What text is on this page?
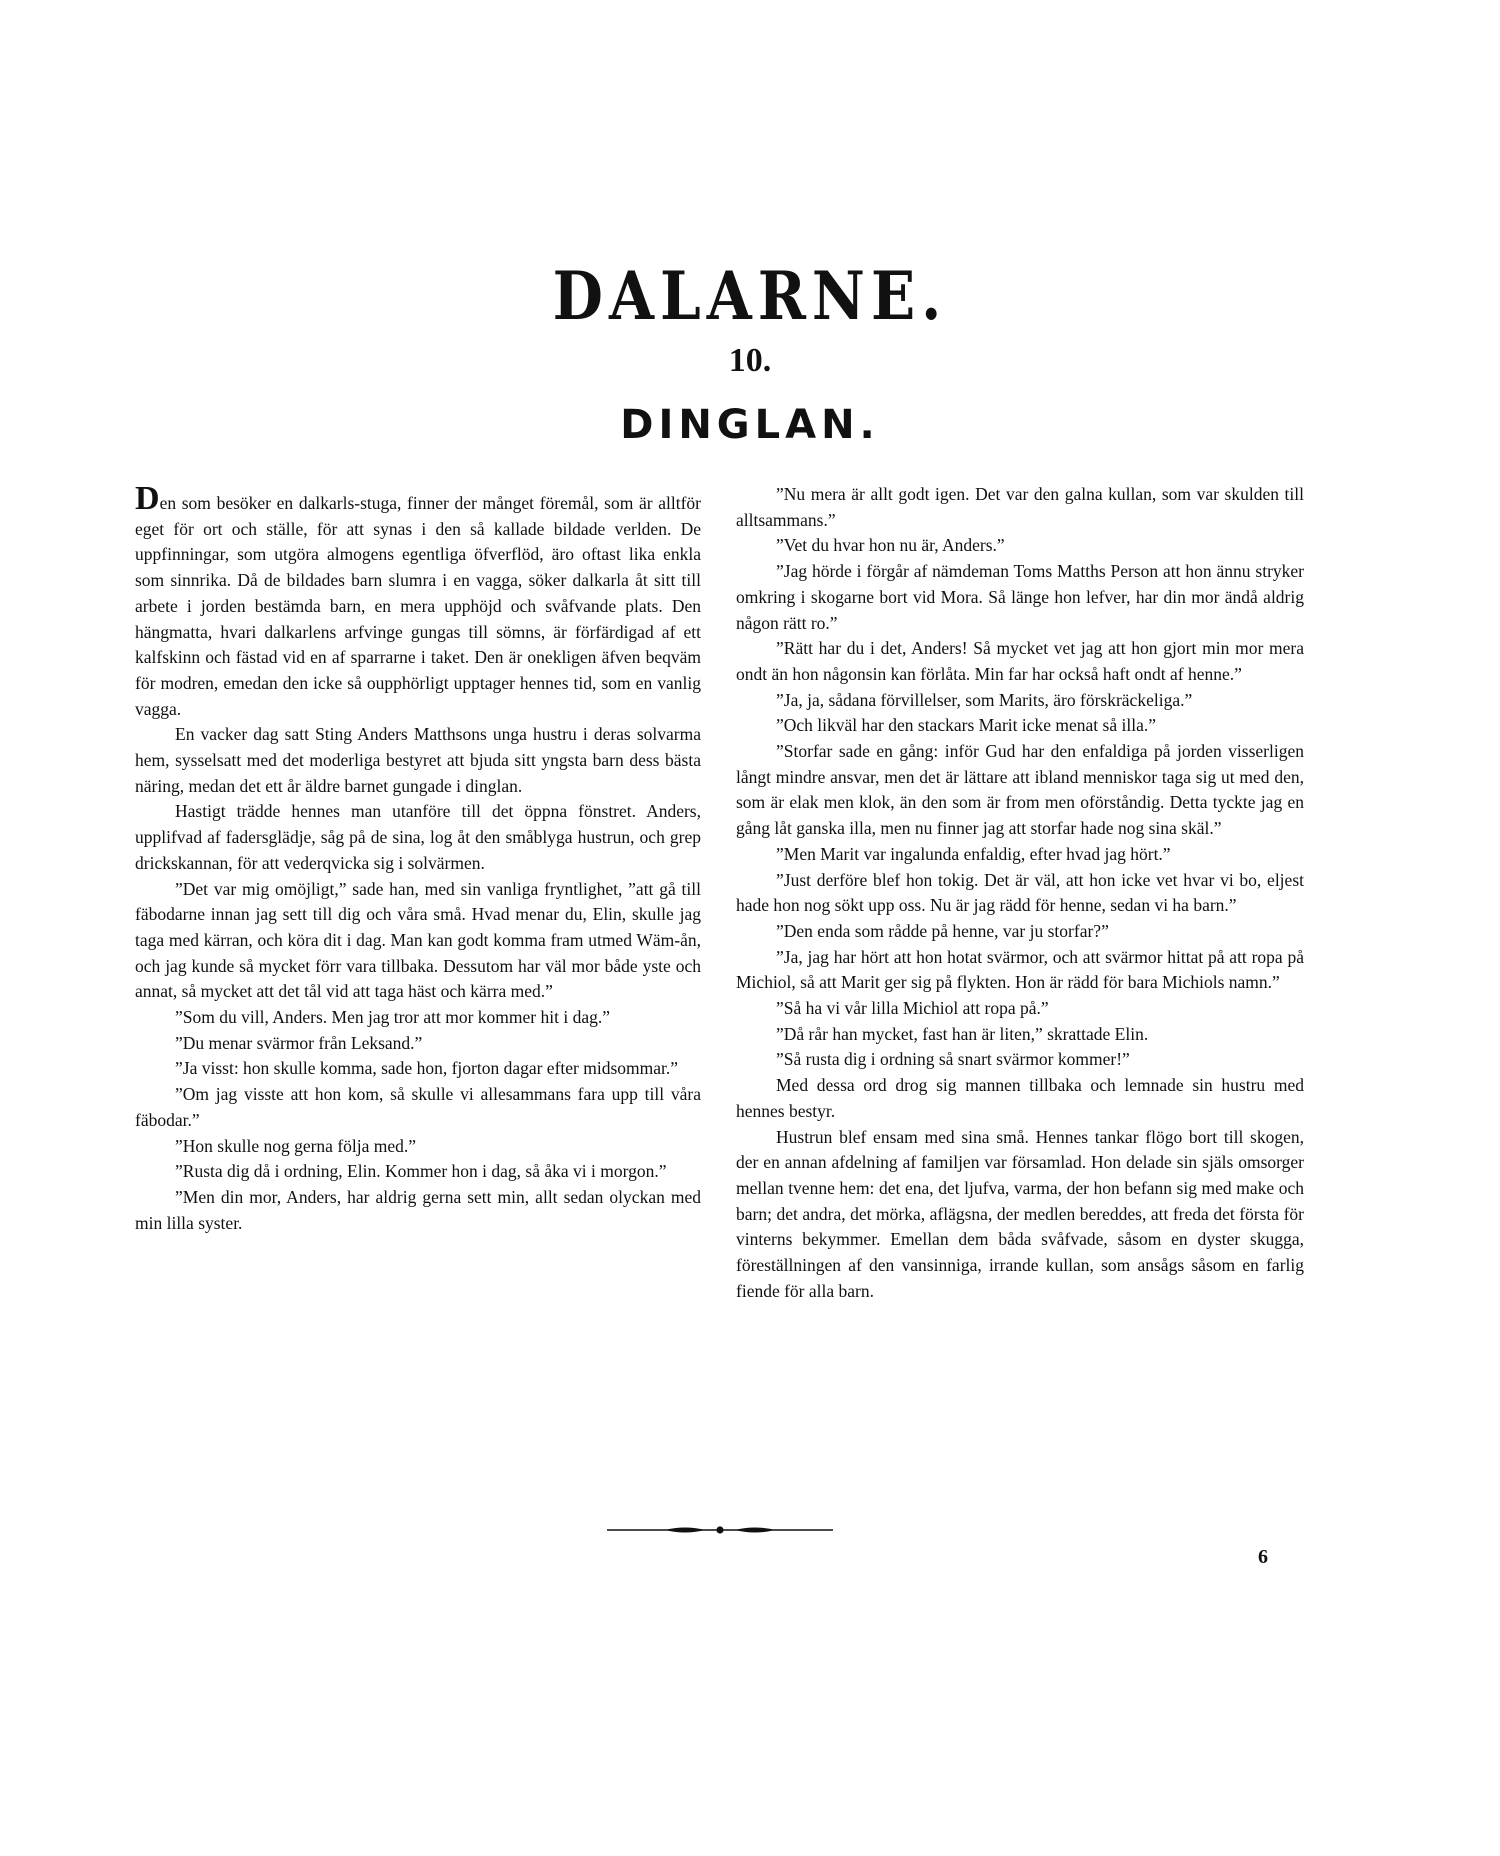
DALARNE.
10.
DINGLAN.

Den som besöker en dalkarls-stuga, finner der månget föremål, som är alltför eget för ort och ställe, för att synas i den så kallade bildade verlden. De uppfinningar, som utgöra almogens egentliga öfverflöd, äro oftast lika enkla som sinnrika. Då de bildades barn slumra i en vagga, söker dalkarla åt sitt till arbete i jorden bestämda barn, en mera upphöjd och svåfvande plats. Den hängmatta, hvari dalkarlens arfvinge gungas till sömns, är förfärdigad af ett kalfskinn och fästad vid en af sparrarne i taket. Den är onekligen äfven beqväm för modren, emedan den icke så oupphörligt upptager hennes tid, som en vanlig vagga.

En vacker dag satt Sting Anders Matthsons unga hustru i deras solvarma hem, sysselsatt med det moderliga bestyret att bjuda sitt yngsta barn dess bästa näring, medan det ett år äldre barnet gungade i dinglan.

Hastigt trädde hennes man utanföre till det öppna fönstret. Anders, upplifvad af fadersglädje, såg på de sina, log åt den småblyga hustrun, och grep drickskannan, för att vederqvicka sig i solvärmen.

”Det var mig omöjligt,” sade han, med sin vanliga fryntlighet, ”att gå till fäbodarne innan jag sett till dig och våra små. Hvad menar du, Elin, skulle jag taga med kärran, och köra dit i dag. Man kan godt komma fram utmed Wäm-ån, och jag kunde så mycket förr vara tillbaka. Dessutom har väl mor både yste och annat, så mycket att det tål vid att taga häst och kärra med.”

”Som du vill, Anders. Men jag tror att mor kommer hit i dag.”

”Du menar svärmor från Leksand.”

”Ja visst: hon skulle komma, sade hon, fjorton dagar efter midsommar.”

”Om jag visste att hon kom, så skulle vi allesammans fara upp till våra fäbodar.”

”Hon skulle nog gerna följa med.”

”Rusta dig då i ordning, Elin. Kommer hon i dag, så åka vi i morgon.”

”Men din mor, Anders, har aldrig gerna sett min, allt sedan olyckan med min lilla syster.

”Nu mera är allt godt igen. Det var den galna kullan, som var skulden till alltsammans.”

”Vet du hvar hon nu är, Anders.”

”Jag hörde i förgår af nämdeman Toms Matths Person att hon ännu stryker omkring i skogarne bort vid Mora. Så länge hon lefver, har din mor ändå aldrig någon rätt ro.”

”Rätt har du i det, Anders! Så mycket vet jag att hon gjort min mor mera ondt än hon någonsin kan förlåta. Min far har också haft ondt af henne.”

”Ja, ja, sådana förvillelser, som Marits, äro förskräckeliga.”

”Och likväl har den stackars Marit icke menat så illa.”

”Storfar sade en gång: inför Gud har den enfaldiga på jorden visserligen långt mindre ansvar, men det är lättare att ibland menniskor taga sig ut med den, som är elak men klok, än den som är from men oförståndig. Detta tyckte jag en gång låt ganska illa, men nu finner jag att storfar hade nog sina skäl.”

”Men Marit var ingalunda enfaldig, efter hvad jag hört.”

”Just derföre blef hon tokig. Det är väl, att hon icke vet hvar vi bo, eljest hade hon nog sökt upp oss. Nu är jag rädd för henne, sedan vi ha barn.”

”Den enda som rådde på henne, var ju storfar?”

”Ja, jag har hört att hon hotat svärmor, och att svärmor hittat på att ropa på Michiol, så att Marit ger sig på flykten. Hon är rädd för bara Michiols namn.”

”Så ha vi vår lilla Michiol att ropa på.”

”Då rår han mycket, fast han är liten,” skrattade Elin.

”Så rusta dig i ordning så snart svärmor kommer!”

Med dessa ord drog sig mannen tillbaka och lemnade sin hustru med hennes bestyr.

Hustrun blef ensam med sina små. Hennes tankar flögo bort till skogen, der en annan afdelning af familjen var församlad. Hon delade sin själs omsorger mellan tvenne hem: det ena, det ljufva, varma, der hon befann sig med make och barn; det andra, det mörka, aflägsna, der medlen bereddes, att freda det första för vinterns bekymmer. Emellan dem båda svåfvade, såsom en dyster skugga, föreställningen af den vansinniga, irrande kullan, som ansågs såsom en farlig fiende för alla barn.

6
